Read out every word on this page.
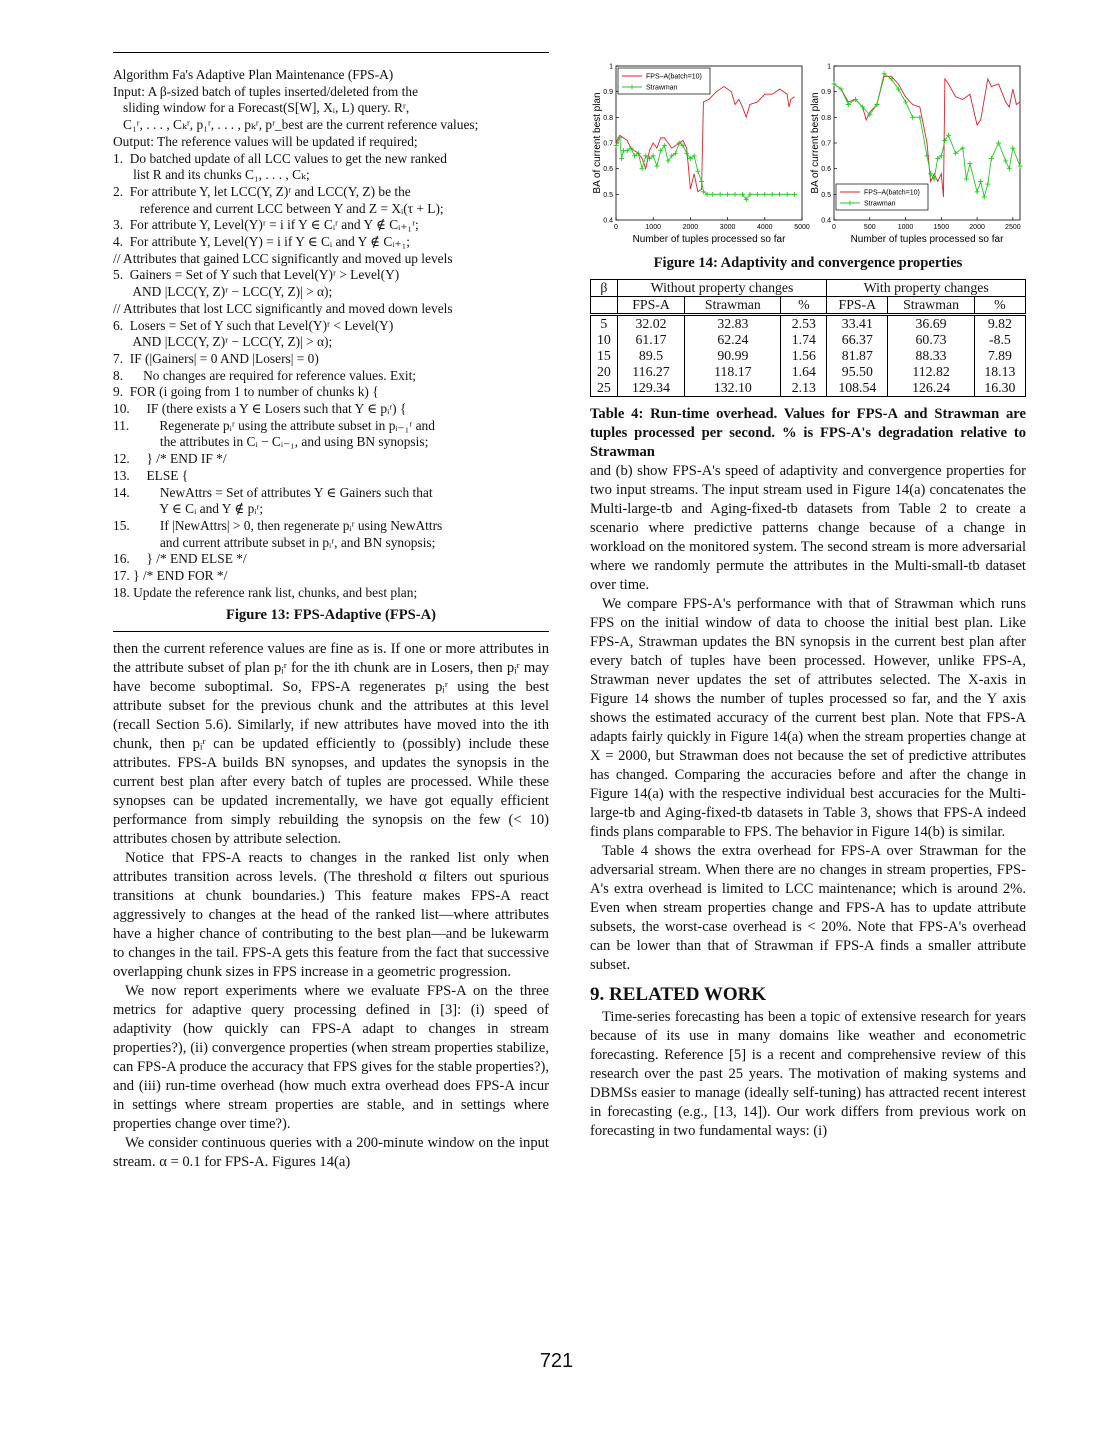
Algorithm Fa's Adaptive Plan Maintenance (FPS-A)
Input: A β-sized batch of tuples inserted/deleted from the
sliding window for a Forecast(S[W], Xᵢ, L) query. Rʳ,
C₁ʳ, . . . , Cₖʳ, p₁ʳ, . . . , pₖʳ, pʳ_best are the current reference values;
Output: The reference values will be updated if required;
1.  Do batched update of all LCC values to get the new ranked
list R and its chunks C₁, . . . , Cₖ;
2.  For attribute Y, let LCC(Y, Z)ʳ and LCC(Y, Z) be the
reference and current LCC between Y and Z = Xᵢ(τ + L);
3.  For attribute Y, Level(Y)ʳ = i if Y ∈ Cᵢʳ and Y ∉ Cᵢ₊₁ʳ;
4.  For attribute Y, Level(Y) = i if Y ∈ Cᵢ and Y ∉ Cᵢ₊₁;
// Attributes that gained LCC significantly and moved up levels
5.  Gainers = Set of Y such that Level(Y)ʳ > Level(Y)
AND |LCC(Y, Z)ʳ − LCC(Y, Z)| > α);
// Attributes that lost LCC significantly and moved down levels
6.  Losers = Set of Y such that Level(Y)ʳ < Level(Y)
AND |LCC(Y, Z)ʳ − LCC(Y, Z)| > α);
7.  IF (|Gainers| = 0 AND |Losers| = 0)
8.      No changes are required for reference values. Exit;
9.  FOR (i going from 1 to number of chunks k) {
10.     IF (there exists a Y ∈ Losers such that Y ∈ pᵢʳ) {
11.         Regenerate pᵢʳ using the attribute subset in pᵢ₋₁ʳ and
the attributes in Cᵢ − Cᵢ₋₁, and using BN synopsis;
12.     } /* END IF */
13.     ELSE {
14.         NewAttrs = Set of attributes Y ∈ Gainers such that
Y ∈ Cᵢ and Y ∉ pᵢʳ;
15.         If |NewAttrs| > 0, then regenerate pᵢʳ using NewAttrs
and current attribute subset in pᵢʳ, and BN synopsis;
16.     } /* END ELSE */
17. } /* END FOR */
18. Update the reference rank list, chunks, and best plan;
Figure 13: FPS-Adaptive (FPS-A)

then the current reference values are fine as is. If one or more attributes in the attribute subset of plan pᵢʳ for the ith chunk are in Losers, then pᵢʳ may have become suboptimal. So, FPS-A regenerates pᵢʳ using the best attribute subset for the previous chunk and the attributes at this level (recall Section 5.6). Similarly, if new attributes have moved into the ith chunk, then pᵢʳ can be updated efficiently to (possibly) include these attributes. FPS-A builds BN synopses, and updates the synopsis in the current best plan after every batch of tuples are processed. While these synopses can be updated incrementally, we have got equally efficient performance from simply rebuilding the synopsis on the few (< 10) attributes chosen by attribute selection.

Notice that FPS-A reacts to changes in the ranked list only when attributes transition across levels. (The threshold α filters out spurious transitions at chunk boundaries.) This feature makes FPS-A react aggressively to changes at the head of the ranked list—where attributes have a higher chance of contributing to the best plan—and be lukewarm to changes in the tail. FPS-A gets this feature from the fact that successive overlapping chunk sizes in FPS increase in a geometric progression.

We now report experiments where we evaluate FPS-A on the three metrics for adaptive query processing defined in [3]: (i) speed of adaptivity (how quickly can FPS-A adapt to changes in stream properties?), (ii) convergence properties (when stream properties stabilize, can FPS-A produce the accuracy that FPS gives for the stable properties?), and (iii) run-time overhead (how much extra overhead does FPS-A incur in settings where stream properties are stable, and in settings where properties change over time?).

We consider continuous queries with a 200-minute window on the input stream. α = 0.1 for FPS-A. Figures 14(a)

0	1000	2000	3000	4000	5000
0.4
0.5
0.6
0.7
0.8
0.9
1
Number of tuples processed so far
BA of current best plan
FPS–A(batch=10)
Strawman
0	500	1000	1500	2000	2500
0.4
0.5
0.6
0.7
0.8
0.9
1
Number of tuples processed so far
BA of current best plan	FPS–A(batch=10)
Strawman
Figure 14: Adaptivity and convergence properties
β	Without property changes			With property changes		
	FPS-A	Strawman	%	FPS-A	Strawman	%
5	32.02	32.83	2.53	33.41	36.69	9.82
10	61.17	62.24	1.74	66.37	60.73	-8.5
15	89.5	90.99	1.56	81.87	88.33	7.89
20	116.27	118.17	1.64	95.50	112.82	18.13
25	129.34	132.10	2.13	108.54	126.24	16.30
Table 4: Run-time overhead. Values for FPS-A and Strawman are tuples processed per second. % is FPS-A's degradation relative to Strawman

and (b) show FPS-A's speed of adaptivity and convergence properties for two input streams. The input stream used in Figure 14(a) concatenates the Multi-large-tb and Aging-fixed-tb datasets from Table 2 to create a scenario where predictive patterns change because of a change in workload on the monitored system. The second stream is more adversarial where we randomly permute the attributes in the Multi-small-tb dataset over time.

We compare FPS-A's performance with that of Strawman which runs FPS on the initial window of data to choose the initial best plan. Like FPS-A, Strawman updates the BN synopsis in the current best plan after every batch of tuples have been processed. However, unlike FPS-A, Strawman never updates the set of attributes selected. The X-axis in Figure 14 shows the number of tuples processed so far, and the Y axis shows the estimated accuracy of the current best plan. Note that FPS-A adapts fairly quickly in Figure 14(a) when the stream properties change at X = 2000, but Strawman does not because the set of predictive attributes has changed. Comparing the accuracies before and after the change in Figure 14(a) with the respective individual best accuracies for the Multi-large-tb and Aging-fixed-tb datasets in Table 3, shows that FPS-A indeed finds plans comparable to FPS. The behavior in Figure 14(b) is similar.

Table 4 shows the extra overhead for FPS-A over Strawman for the adversarial stream. When there are no changes in stream properties, FPS-A's extra overhead is limited to LCC maintenance; which is around 2%. Even when stream properties change and FPS-A has to update attribute subsets, the worst-case overhead is < 20%. Note that FPS-A's overhead can be lower than that of Strawman if FPS-A finds a smaller attribute subset.

9. RELATED WORK

Time-series forecasting has been a topic of extensive research for years because of its use in many domains like weather and econometric forecasting. Reference [5] is a recent and comprehensive review of this research over the past 25 years. The motivation of making systems and DBMSs easier to manage (ideally self-tuning) has attracted recent interest in forecasting (e.g., [13, 14]). Our work differs from previous work on forecasting in two fundamental ways: (i)

721
